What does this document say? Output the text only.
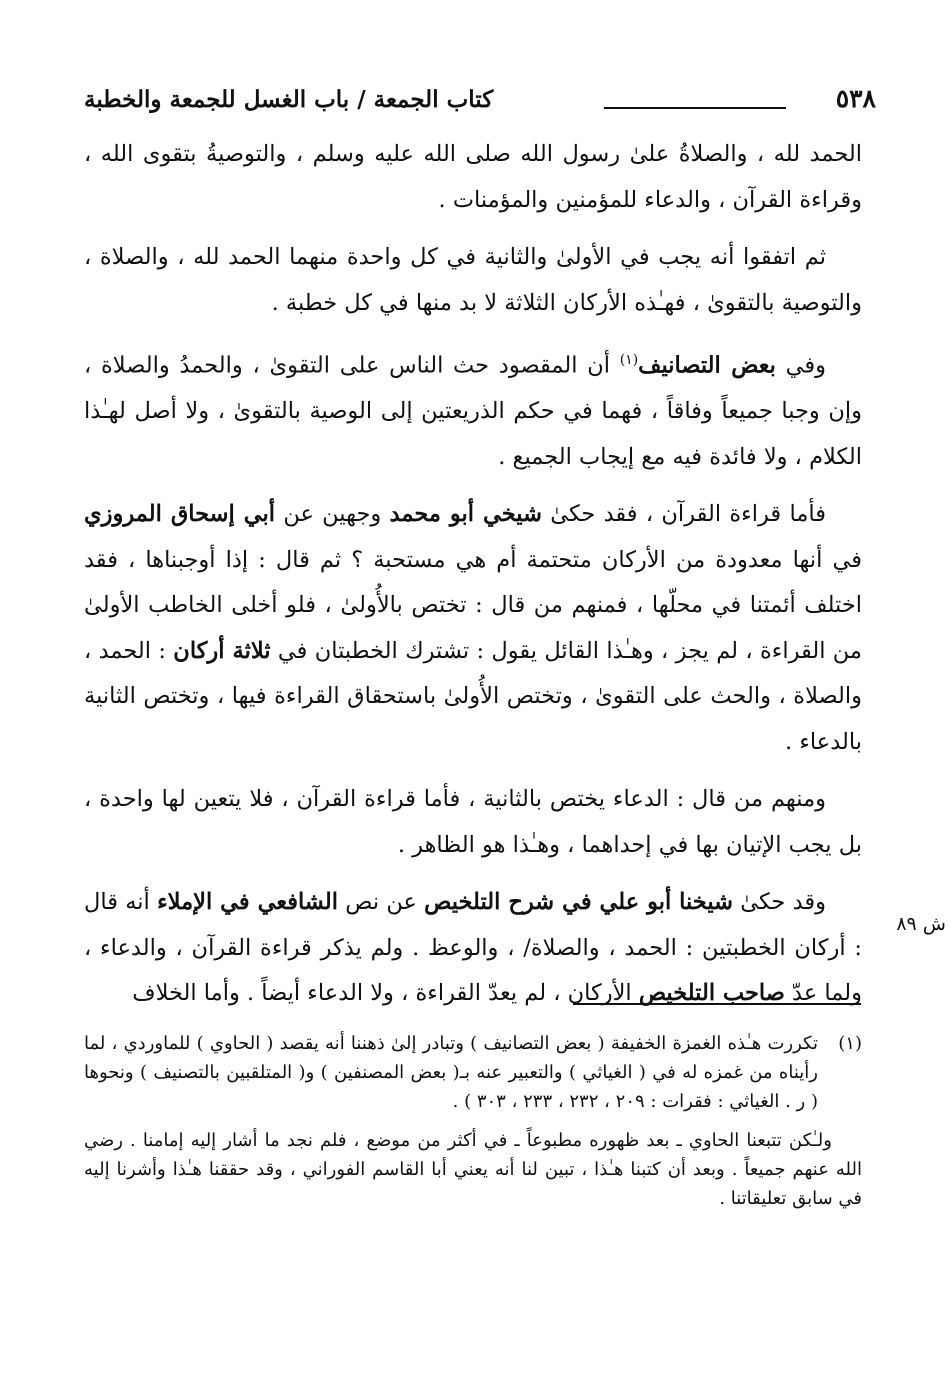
٥٣٨
كتاب الجمعة / باب الغسل للجمعة والخطبة

الحمد لله ، والصلاةُ علىٰ رسول الله صلى الله عليه وسلم ، والتوصيةُ بتقوى الله ، وقراءة القرآن ، والدعاء للمؤمنين والمؤمنات .

ثم اتفقوا أنه يجب في الأولىٰ والثانية في كل واحدة منهما الحمد لله ، والصلاة ، والتوصية بالتقوىٰ ، فهـٰذه الأركان الثلاثة لا بد منها في كل خطبة .

وفي بعض التصانيف$^{(١)}$ أن المقصود حث الناس على التقوىٰ ، والحمدُ والصلاة ، وإن وجبا جميعاً وفاقاً ، فهما في حكم الذريعتين إلى الوصية بالتقوىٰ ، ولا أصل لهـٰذا الكلام ، ولا فائدة فيه مع إيجاب الجميع .

فأما قراءة القرآن ، فقد حكىٰ شيخي أبو محمد وجهين عن أبي إسحاق المروزي في أنها معدودة من الأركان متحتمة أم هي مستحبة ؟ ثم قال : إذا أوجبناها ، فقد اختلف أئمتنا في محلّها ، فمنهم من قال : تختص بالأُولىٰ ، فلو أخلى الخاطب الأولىٰ من القراءة ، لم يجز ، وهـٰذا القائل يقول : تشترك الخطبتان في ثلاثة أركان : الحمد ، والصلاة ، والحث على التقوىٰ ، وتختص الأُولىٰ باستحقاق القراءة فيها ، وتختص الثانية بالدعاء .

ومنهم من قال : الدعاء يختص بالثانية ، فأما قراءة القرآن ، فلا يتعين لها واحدة ، بل يجب الإتيان بها في إحداهما ، وهـٰذا هو الظاهر .

وقد حكىٰ شيخنا أبو علي في شرح التلخيص عن نص الشافعي في الإملاء أنه قال : أركان الخطبتين : الحمد ، والصلاة/ ، والوعظ . ولم يذكر قراءة القرآن ، والدعاء ، ولما عدّ صاحب التلخيص الأركان ، لم يعدّ القراءة ، ولا الدعاء أيضاً . وأما الخلاف

ش ٨٩
(١)
تكررت هـٰذه الغمزة الخفيفة ( بعض التصانيف ) وتبادر إلىٰ ذهننا أنه يقصد ( الحاوي ) للماوردي ، لما رأيناه من غمزه له في ( الغياثي ) والتعبير عنه بـ( بعض المصنفين ) و( المتلقبين بالتصنيف ) ونحوها ( ر . الغياثي : فقرات : ٢٠٩ ، ٢٣٢ ، ٢٣٣ ، ٣٠٣ ) .
ولـٰكن تتبعنا الحاوي ـ بعد ظهوره مطبوعاً ـ في أكثر من موضع ، فلم نجد ما أشار إليه إمامنا . رضي الله عنهم جميعاً . وبعد أن كتبنا هـٰذا ، تبين لنا أنه يعني أبا القاسم الفوراني ، وقد حققنا هـٰذا وأشرنا إليه في سابق تعليقاتنا .
